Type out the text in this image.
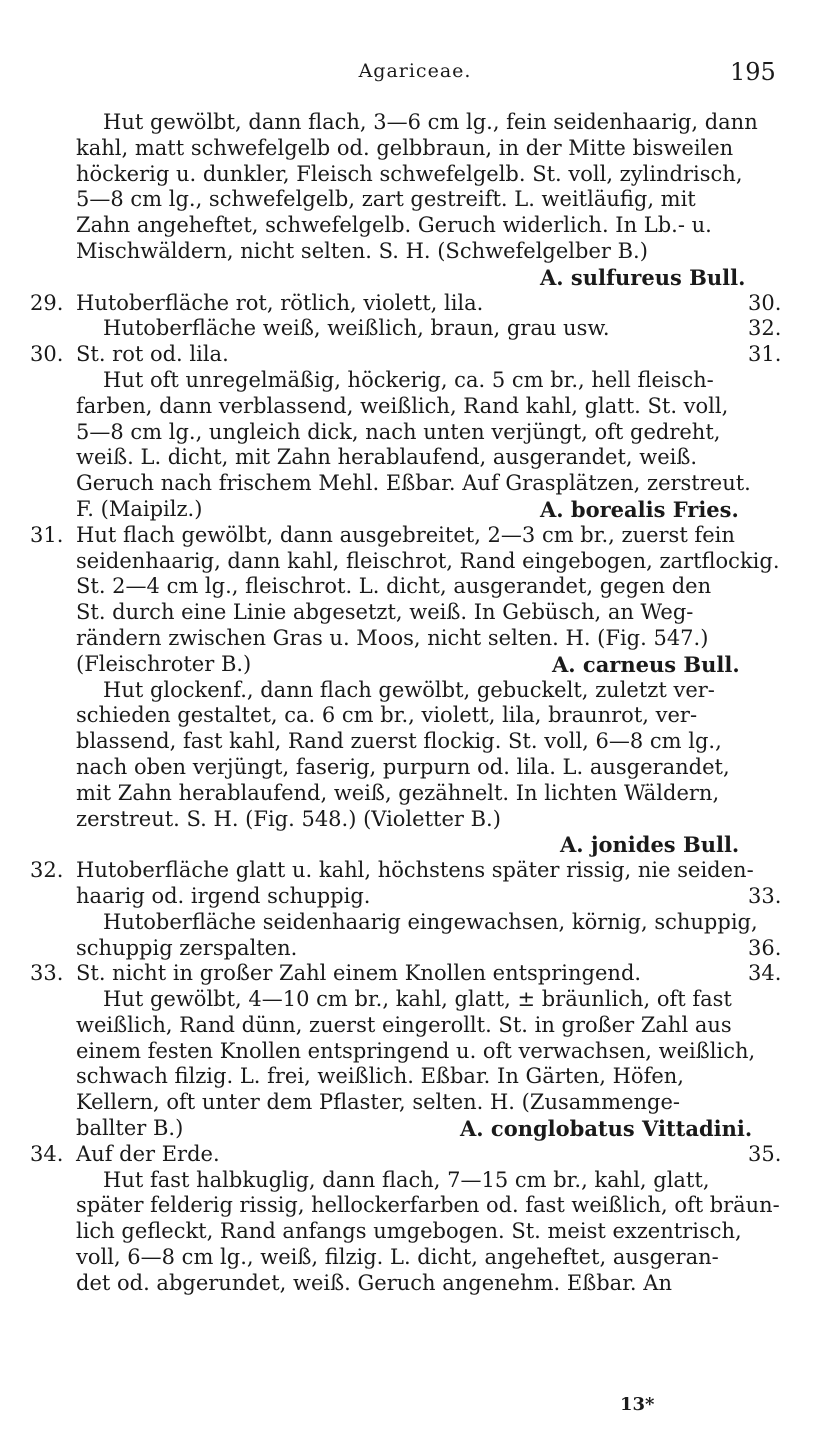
Agariceae.	195
Hut gewölbt, dann flach, 3—6 cm lg., fein seidenhaarig, dann
kahl, matt schwefelgelb od. gelbbraun, in der Mitte bisweilen
höckerig u. dunkler, Fleisch schwefelgelb. St. voll, zylindrisch,
5—8 cm lg., schwefelgelb, zart gestreift. L. weitläufig, mit
Zahn angeheftet, schwefelgelb. Geruch widerlich. In Lb.- u.
Mischwäldern, nicht selten. S. H. (Schwefelgelber B.)
A. sulfureus Bull.
29. Hutoberfläche rot, rötlich, violett, lila.	30.
Hutoberfläche weiß, weißlich, braun, grau usw.	32.
30. St. rot od. lila.	31.
Hut oft unregelmäßig, höckerig, ca. 5 cm br., hell fleisch-
farben, dann verblassend, weißlich, Rand kahl, glatt. St. voll,
5—8 cm lg., ungleich dick, nach unten verjüngt, oft gedreht,
weiß. L. dicht, mit Zahn herablaufend, ausgerandet, weiß.
Geruch nach frischem Mehl. Eßbar. Auf Grasplätzen, zerstreut.
F. (Maipilz.)	A. borealis Fries.
31. Hut flach gewölbt, dann ausgebreitet, 2—3 cm br., zuerst fein
seidenhaarig, dann kahl, fleischrot, Rand eingebogen, zartflockig.
St. 2—4 cm lg., fleischrot. L. dicht, ausgerandet, gegen den
St. durch eine Linie abgesetzt, weiß. In Gebüsch, an Weg-
rändern zwischen Gras u. Moos, nicht selten. H. (Fig. 547.)
(Fleischroter B.)	A. carneus Bull.
Hut glockenf., dann flach gewölbt, gebuckelt, zuletzt ver-
schieden gestaltet, ca. 6 cm br., violett, lila, braunrot, ver-
blassend, fast kahl, Rand zuerst flockig. St. voll, 6—8 cm lg.,
nach oben verjüngt, faserig, purpurn od. lila. L. ausgerandet,
mit Zahn herablaufend, weiß, gezähnelt. In lichten Wäldern,
zerstreut. S. H. (Fig. 548.) (Violetter B.)
A. jonides Bull.
32. Hutoberfläche glatt u. kahl, höchstens später rissig, nie seiden-
haarig od. irgend schuppig.	33.
Hutoberfläche seidenhaarig eingewachsen, körnig, schuppig,
schuppig zerspalten.	36.
33. St. nicht in großer Zahl einem Knollen entspringend.	34.
Hut gewölbt, 4—10 cm br., kahl, glatt, ± bräunlich, oft fast
weißlich, Rand dünn, zuerst eingerollt. St. in großer Zahl aus
einem festen Knollen entspringend u. oft verwachsen, weißlich,
schwach filzig. L. frei, weißlich. Eßbar. In Gärten, Höfen,
Kellern, oft unter dem Pflaster, selten. H. (Zusammenge-
ballter B.)	A. conglobatus Vittadini.
34. Auf der Erde.	35.
Hut fast halbkuglig, dann flach, 7—15 cm br., kahl, glatt,
später felderig rissig, hellockerfarben od. fast weißlich, oft bräun-
lich gefleckt, Rand anfangs umgebogen. St. meist exzentrisch,
voll, 6—8 cm lg., weiß, filzig. L. dicht, angeheftet, ausgeran-
det od. abgerundet, weiß. Geruch angenehm. Eßbar. An
13*
